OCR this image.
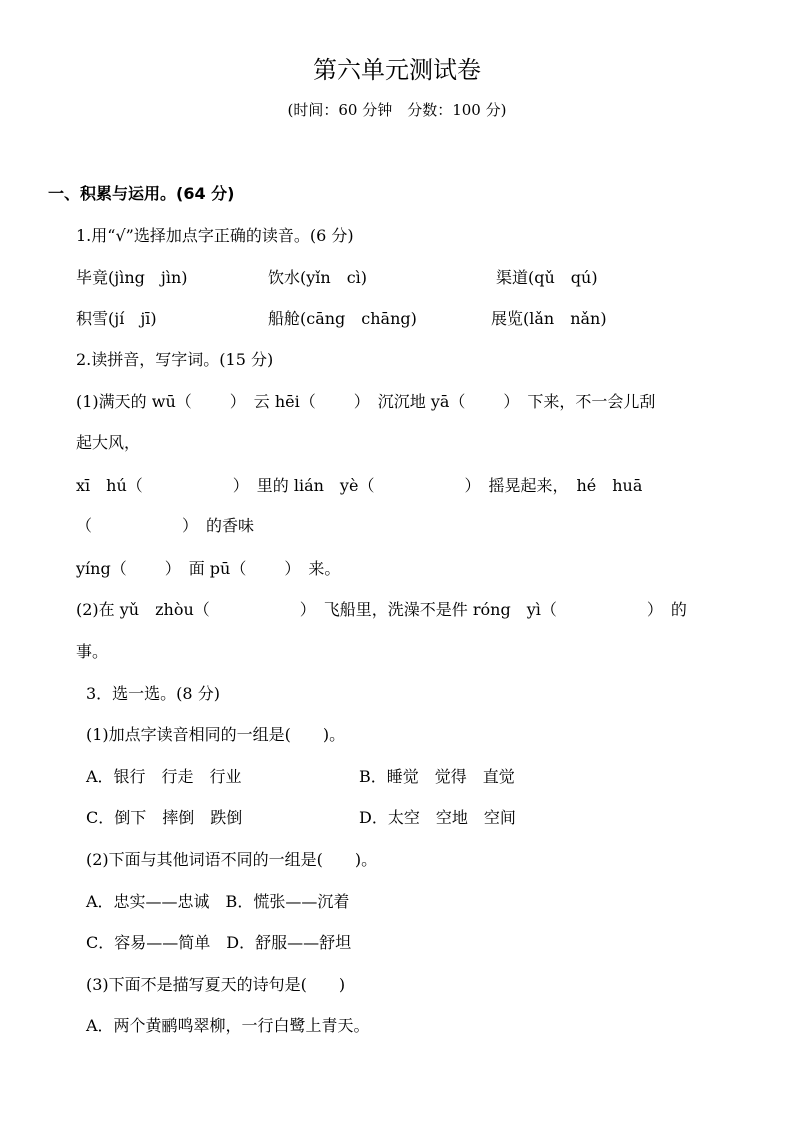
第六单元测试卷
(时间：60 分钟　分数：100 分)
一、积累与运用。(64 分)
1.用“√”选择加点字正确的读音。(6 分)
毕竟(jìng　jìn)	饮水(yǐn　cì)	渠道(qǔ　qú)
积雪(jí　jī)	船舱(cāng　chāng)	展览(lǎn　nǎn)
2.读拼音，写字词。(15 分)
(1)满天的 wū（ ）　云 hēi（ ）　沉沉地 yā（ ）　下来，不一会儿刮
起大风，
xī　hú（	）　里的 lián　yè（	）　摇晃起来，　hé　huā
（	）　的香味
yíng（ ）　面 pū（ ）　来。
(2)在 yǔ　zhòu（	）　飞船里，洗澡不是件 róng　yì（	）　的
事。
3．选一选。(8 分)
(1)加点字读音相同的一组是(　　)。
A．银行　行走　行业	B．睡觉　觉得　直觉
C．倒下　摔倒　跌倒	D．太空　空地　空间
(2)下面与其他词语不同的一组是(　　)。
A．忠实——忠诚　B．慌张——沉着
C．容易——简单　D．舒服——舒坦
(3)下面不是描写夏天的诗句是(　　)
A．两个黄鹂鸣翠柳，一行白鹭上青天。
